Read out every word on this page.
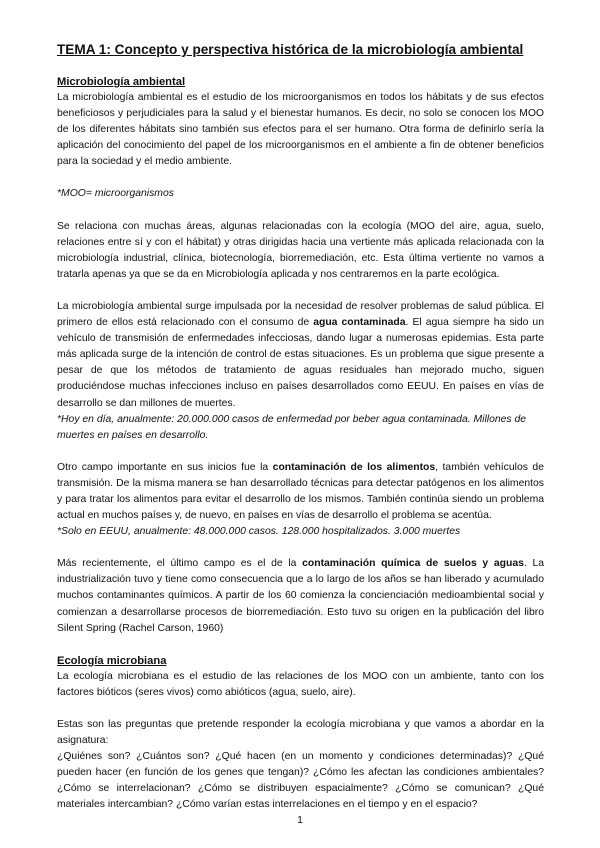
TEMA 1: Concepto y perspectiva histórica de la microbiología ambiental
Microbiología ambiental

La microbiología ambiental es el estudio de los microorganismos en todos los hábitats y de sus efectos beneficiosos y perjudiciales para la salud y el bienestar humanos. Es decir, no solo se conocen los MOO de los diferentes hábitats sino también sus efectos para el ser humano. Otra forma de definirlo sería la aplicación del conocimiento del papel de los microorganismos en el ambiente a fin de obtener beneficios para la sociedad y el medio ambiente.

*MOO= microorganismos

Se relaciona con muchas áreas, algunas relacionadas con la ecología (MOO del aire, agua, suelo, relaciones entre sí y con el hábitat) y otras dirigidas hacia una vertiente más aplicada relacionada con la microbiología industrial, clínica, biotecnología, biorremediación, etc. Esta última vertiente no vamos a tratarla apenas ya que se da en Microbiología aplicada y nos centraremos en la parte ecológica.

La microbiología ambiental surge impulsada por la necesidad de resolver problemas de salud pública. El primero de ellos está relacionado con el consumo de agua contaminada. El agua siempre ha sido un vehículo de transmisión de enfermedades infecciosas, dando lugar a numerosas epidemias. Esta parte más aplicada surge de la intención de control de estas situaciones. Es un problema que sigue presente a pesar de que los métodos de tratamiento de aguas residuales han mejorado mucho, siguen produciéndose muchas infecciones incluso en países desarrollados como EEUU. En países en vías de desarrollo se dan millones de muertes.

*Hoy en día, anualmente: 20.000.000 casos de enfermedad por beber agua contaminada. Millones de muertes en países en desarrollo.

Otro campo importante en sus inicios fue la contaminación de los alimentos, también vehículos de transmisión. De la misma manera se han desarrollado técnicas para detectar patógenos en los alimentos y para tratar los alimentos para evitar el desarrollo de los mismos. También continúa siendo un problema actual en muchos países y, de nuevo, en países en vías de desarrollo el problema se acentúa.

*Solo en EEUU, anualmente: 48.000.000 casos. 128.000 hospitalizados. 3.000 muertes

Más recientemente, el último campo es el de la contaminación química de suelos y aguas. La industrialización tuvo y tiene como consecuencia que a lo largo de los años se han liberado y acumulado muchos contaminantes químicos. A partir de los 60 comienza la concienciación medioambiental social y comienzan a desarrollarse procesos de biorremediación. Esto tuvo su origen en la publicación del libro Silent Spring (Rachel Carson, 1960)

Ecología microbiana

La ecología microbiana es el estudio de las relaciones de los MOO con un ambiente, tanto con los factores bióticos (seres vivos) como abióticos (agua, suelo, aire).

Estas son las preguntas que pretende responder la ecología microbiana y que vamos a abordar en la asignatura:

¿Quiénes son? ¿Cuántos son? ¿Qué hacen (en un momento y condiciones determinadas)? ¿Qué pueden hacer (en función de los genes que tengan)? ¿Cómo les afectan las condiciones ambientales? ¿Cómo se interrelacionan? ¿Cómo se distribuyen espacialmente? ¿Cómo se comunican? ¿Qué materiales intercambian? ¿Cómo varían estas interrelaciones en el tiempo y en el espacio?

1
